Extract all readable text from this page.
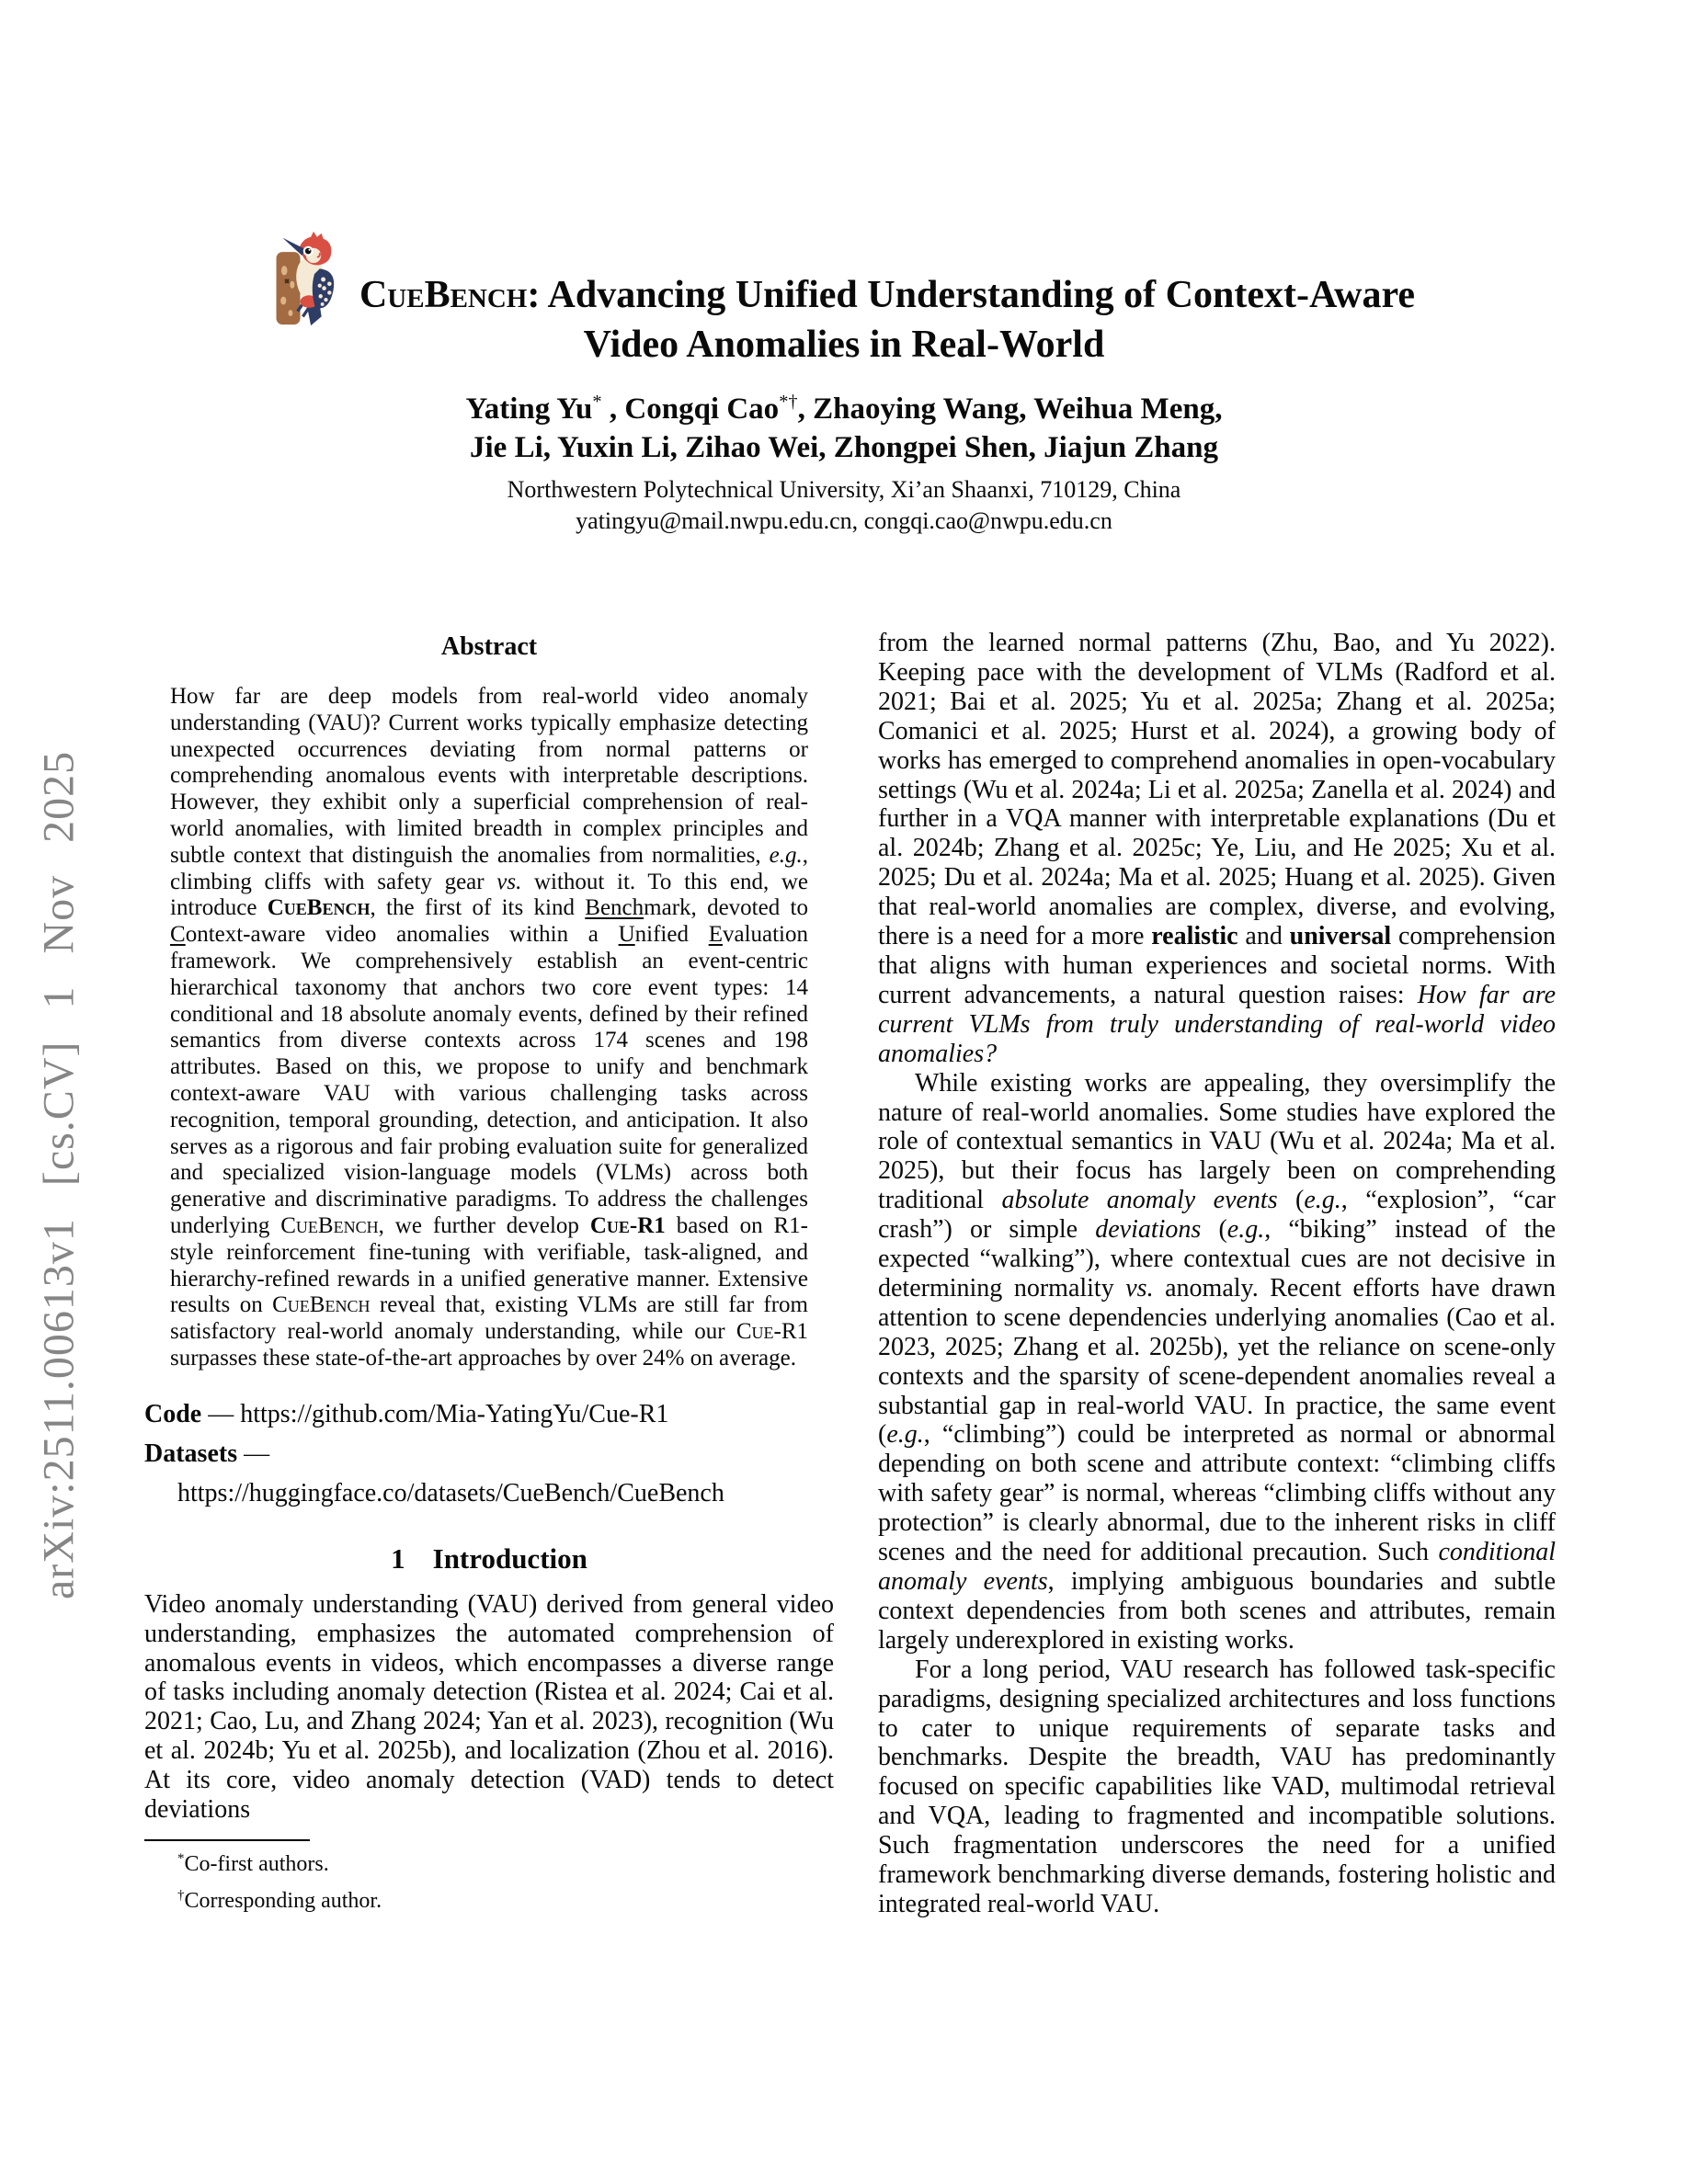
arXiv:2511.00613v1 [cs.CV] 1 Nov 2025
CueBench: Advancing Unified Understanding of Context-Aware
Video Anomalies in Real-World
Yating Yu* , Congqi Cao*†, Zhaoying Wang, Weihua Meng,
Jie Li, Yuxin Li, Zihao Wei, Zhongpei Shen, Jiajun Zhang
Northwestern Polytechnical University, Xi’an Shaanxi, 710129, China
yatingyu@mail.nwpu.edu.cn, congqi.cao@nwpu.edu.cn
Abstract
How far are deep models from real-world video anomaly understanding (VAU)? Current works typically emphasize detecting unexpected occurrences deviating from normal patterns or comprehending anomalous events with interpretable descriptions. However, they exhibit only a superficial comprehension of real-world anomalies, with limited breadth in complex principles and subtle context that distinguish the anomalies from normalities, e.g., climbing cliffs with safety gear vs. without it. To this end, we introduce CueBench, the first of its kind Benchmark, devoted to Context-aware video anomalies within a Unified Evaluation framework. We comprehensively establish an event-centric hierarchical taxonomy that anchors two core event types: 14 conditional and 18 absolute anomaly events, defined by their refined semantics from diverse contexts across 174 scenes and 198 attributes. Based on this, we propose to unify and benchmark context-aware VAU with various challenging tasks across recognition, temporal grounding, detection, and anticipation. It also serves as a rigorous and fair probing evaluation suite for generalized and specialized vision-language models (VLMs) across both generative and discriminative paradigms. To address the challenges underlying CueBench, we further develop Cue-R1 based on R1-style reinforcement fine-tuning with verifiable, task-aligned, and hierarchy-refined rewards in a unified generative manner. Extensive results on CueBench reveal that, existing VLMs are still far from satisfactory real-world anomaly understanding, while our Cue-R1 surpasses these state-of-the-art approaches by over 24% on average.
Code — https://github.com/Mia-YatingYu/Cue-R1
Datasets —
https://huggingface.co/datasets/CueBench/CueBench
1 Introduction

Video anomaly understanding (VAU) derived from general video understanding, emphasizes the automated comprehension of anomalous events in videos, which encompasses a diverse range of tasks including anomaly detection (Ristea et al. 2024; Cai et al. 2021; Cao, Lu, and Zhang 2024; Yan et al. 2023), recognition (Wu et al. 2024b; Yu et al. 2025b), and localization (Zhou et al. 2016). At its core, video anomaly detection (VAD) tends to detect deviations

*Co-first authors.
†Corresponding author.

from the learned normal patterns (Zhu, Bao, and Yu 2022). Keeping pace with the development of VLMs (Radford et al. 2021; Bai et al. 2025; Yu et al. 2025a; Zhang et al. 2025a; Comanici et al. 2025; Hurst et al. 2024), a growing body of works has emerged to comprehend anomalies in open-vocabulary settings (Wu et al. 2024a; Li et al. 2025a; Zanella et al. 2024) and further in a VQA manner with interpretable explanations (Du et al. 2024b; Zhang et al. 2025c; Ye, Liu, and He 2025; Xu et al. 2025; Du et al. 2024a; Ma et al. 2025; Huang et al. 2025). Given that real-world anomalies are complex, diverse, and evolving, there is a need for a more realistic and universal comprehension that aligns with human experiences and societal norms. With current advancements, a natural question raises: How far are current VLMs from truly understanding of real-world video anomalies?

While existing works are appealing, they oversimplify the nature of real-world anomalies. Some studies have explored the role of contextual semantics in VAU (Wu et al. 2024a; Ma et al. 2025), but their focus has largely been on comprehending traditional absolute anomaly events (e.g., “explosion”, “car crash”) or simple deviations (e.g., “biking” instead of the expected “walking”), where contextual cues are not decisive in determining normality vs. anomaly. Recent efforts have drawn attention to scene dependencies underlying anomalies (Cao et al. 2023, 2025; Zhang et al. 2025b), yet the reliance on scene-only contexts and the sparsity of scene-dependent anomalies reveal a substantial gap in real-world VAU. In practice, the same event (e.g., “climbing”) could be interpreted as normal or abnormal depending on both scene and attribute context: “climbing cliffs with safety gear” is normal, whereas “climbing cliffs without any protection” is clearly abnormal, due to the inherent risks in cliff scenes and the need for additional precaution. Such conditional anomaly events, implying ambiguous boundaries and subtle context dependencies from both scenes and attributes, remain largely underexplored in existing works.

For a long period, VAU research has followed task-specific paradigms, designing specialized architectures and loss functions to cater to unique requirements of separate tasks and benchmarks. Despite the breadth, VAU has predominantly focused on specific capabilities like VAD, multimodal retrieval and VQA, leading to fragmented and incompatible solutions. Such fragmentation underscores the need for a unified framework benchmarking diverse demands, fostering holistic and integrated real-world VAU.
